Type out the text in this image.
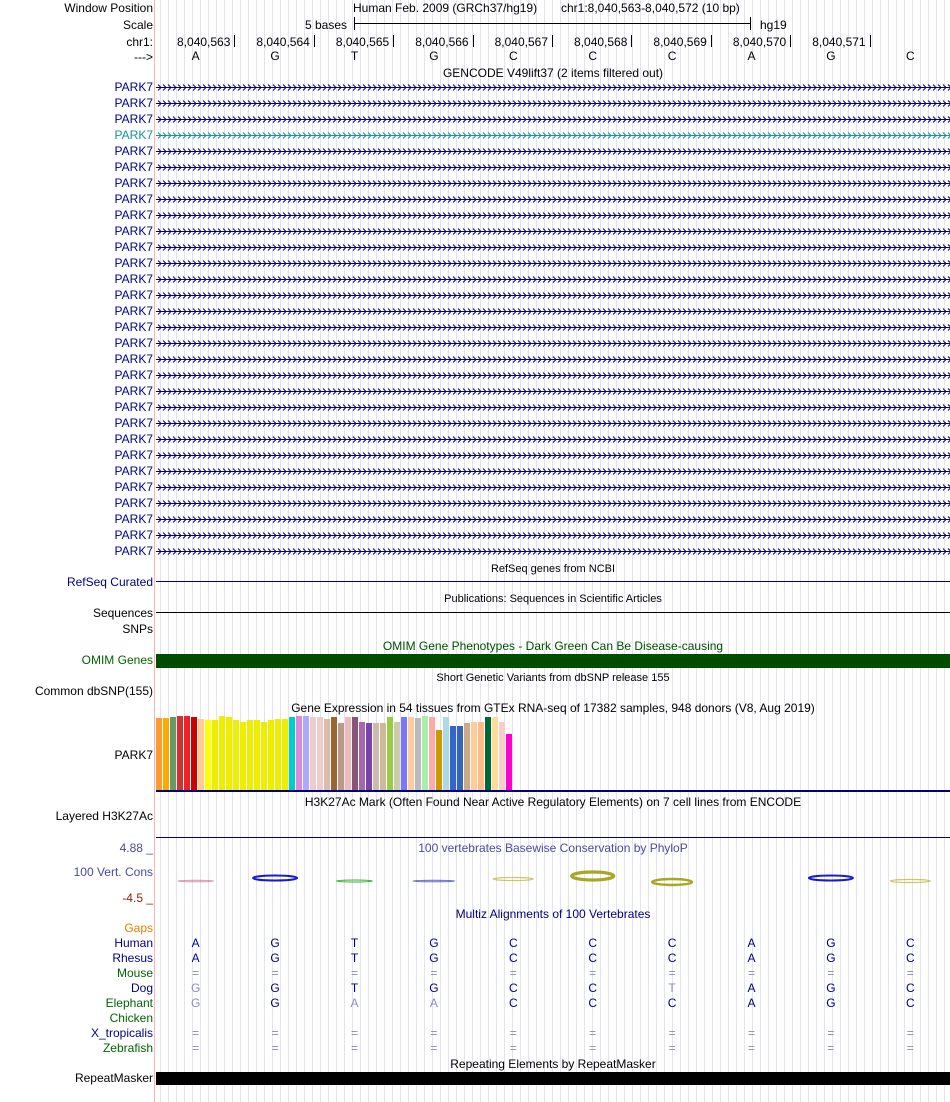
Window Position	Human Feb. 2009 (GRCh37/hg19) chr1:8,040,563-8,040,572 (10 bp)
Scale	5 bases	hg19
chr1: 8,040,563 8,040,564 8,040,565 8,040,566 8,040,567 8,040,568 8,040,569 8,040,570 8,040,571
--->	A	G	T	G	C	C	C	A	G	C
GENCODE V49lift37 (2 items filtered out)
PARK7
PARK7
PARK7
PARK7
PARK7
PARK7
PARK7
PARK7
PARK7
PARK7
PARK7
PARK7
PARK7
PARK7
PARK7
PARK7
PARK7
PARK7
PARK7
PARK7
PARK7
PARK7
PARK7
PARK7
PARK7
PARK7
PARK7
PARK7
PARK7
PARK7
RefSeq genes from NCBI
RefSeq Curated
Publications: Sequences in Scientific Articles
Sequences
SNPs
OMIM Gene Phenotypes - Dark Green Can Be Disease-causing
OMIM Genes
Short Genetic Variants from dbSNP release 155
Common dbSNP(155)
Gene Expression in 54 tissues from GTEx RNA-seq of 17382 samples, 948 donors (V8, Aug 2019)
PARK7
H3K27Ac Mark (Often Found Near Active Regulatory Elements) on 7 cell lines from ENCODE
Layered H3K27Ac
100 vertebrates Basewise Conservation by PhyloP
4.88 _
100 Vert. Cons
-4.5 _
Multiz Alignments of 100 Vertebrates
Gaps
Human	A	G	T	G	C	C	C	A	G	C
Rhesus	A	G	T	G	C	C	C	A	G	C
Mouse	=	=	=	=	=	=	=	=	=	=
Dog	G	G	T	G	C	C	T	A	G	C
Elephant	G	G	A	A	C	C	C	A	G	C
Chicken
X_tropicalis	=	=	=	=	=	=	=	=	=	=
Zebrafish	=	=	=	=	=	=	=	=	=	=
Repeating Elements by RepeatMasker
RepeatMasker
